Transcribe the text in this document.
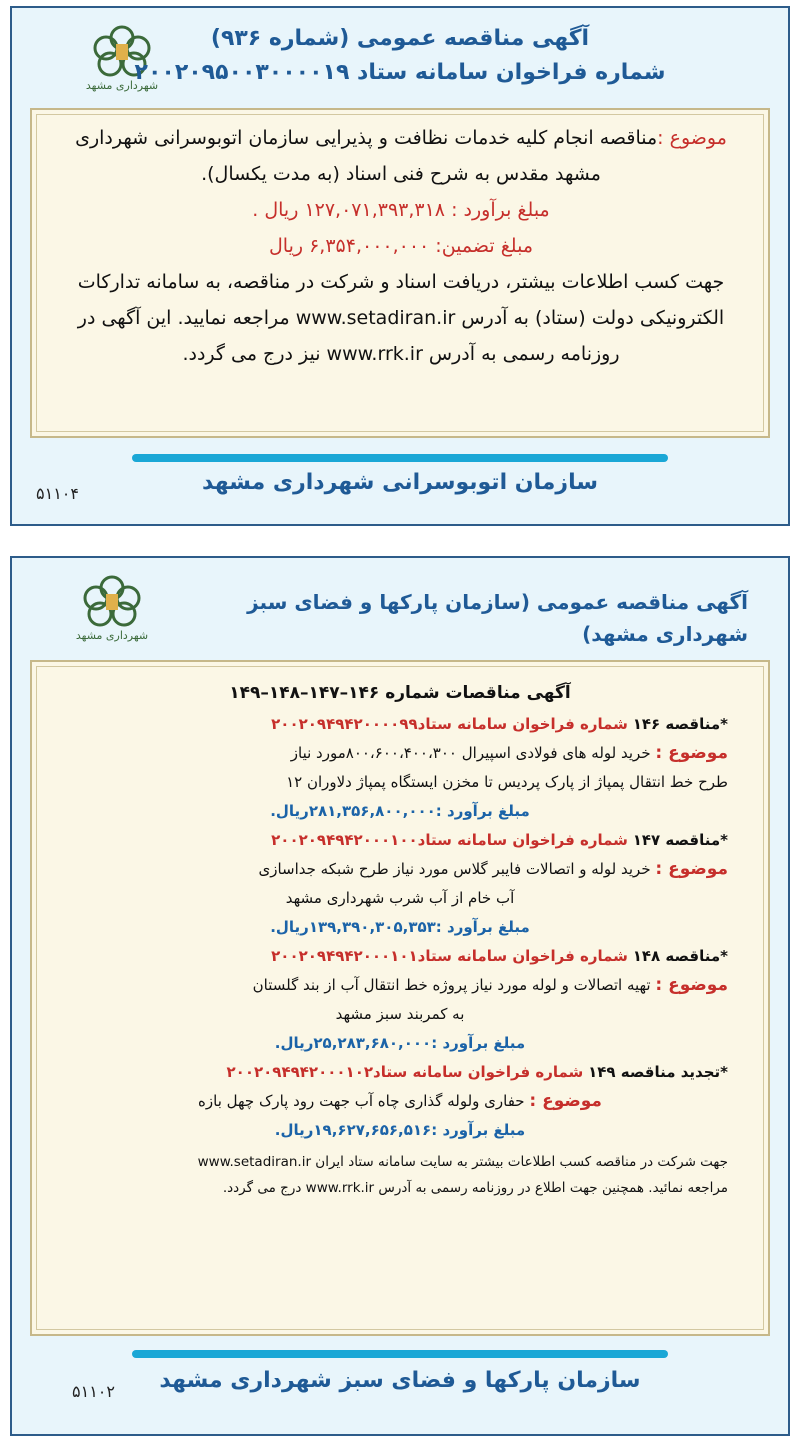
شهرداری مشهد
آگهی مناقصه عمومی (شماره ۹۳۶)
شماره فراخوان سامانه ستاد ۲۰۰۲۰۹۵۰۰۳۰۰۰۰۱۹
موضوع :مناقصه انجام کلیه خدمات نظافت و پذیرایی سازمان اتوبوسرانی شهرداری
مشهد مقدس به شرح فنی اسناد (به مدت یکسال).
مبلغ برآورد : ۱۲۷,۰۷۱,۳۹۳,۳۱۸ ریال .
مبلغ تضمین: ۶,۳۵۴,۰۰۰,۰۰۰ ریال
جهت کسب اطلاعات بیشتر، دریافت اسناد و شرکت در مناقصه، به سامانه تدارکات
الکترونیکی دولت (ستاد) به آدرس www.setadiran.ir مراجعه نمایید. این آگهی در
روزنامه رسمی به آدرس www.rrk.ir نیز درج می گردد.
سازمان اتوبوسرانی شهرداری مشهد
۵۱۱۰۴
شهرداری مشهد
آگهی مناقصه عمومی (سازمان پارکها و فضای سبز شهرداری مشهد)
آگهی مناقصات شماره ۱۴۶–۱۴۷–۱۴۸–۱۴۹
*مناقصه ۱۴۶ شماره فراخوان سامانه ستاد۲۰۰۲۰۹۴۹۴۲۰۰۰۰۹۹
موضوع : خرید لوله های فولادی اسپیرال ۸۰۰،۶۰۰،۴۰۰،۳۰۰مورد نیاز
طرح خط انتقال پمپاژ از پارک پردیس تا مخزن ایستگاه پمپاژ دلاوران ۱۲
مبلغ برآورد :۲۸۱,۳۵۶,۸۰۰,۰۰۰ریال.
*مناقصه ۱۴۷ شماره فراخوان سامانه ستاد۲۰۰۲۰۹۴۹۴۲۰۰۰۱۰۰
موضوع : خرید لوله و اتصالات فایبر گلاس مورد نیاز طرح شبکه جداسازی
آب خام از آب شرب شهرداری مشهد
مبلغ برآورد :۱۳۹,۳۹۰,۳۰۵,۳۵۳ریال.
*مناقصه ۱۴۸ شماره فراخوان سامانه ستاد۲۰۰۲۰۹۴۹۴۲۰۰۰۱۰۱
موضوع : تهیه اتصالات و لوله مورد نیاز پروژه خط انتقال آب از بند گلستان
به کمربند سبز مشهد
مبلغ برآورد :۲۵,۲۸۳,۶۸۰,۰۰۰ریال.
*تجدید مناقصه ۱۴۹ شماره فراخوان سامانه ستاد۲۰۰۲۰۹۴۹۴۲۰۰۰۱۰۲
موضوع : حفاری ولوله گذاری چاه آب جهت رود پارک چهل بازه
مبلغ برآورد :۱۹,۶۲۷,۶۵۶,۵۱۶ریال.
جهت شرکت در مناقصه کسب اطلاعات بیشتر به سایت سامانه ستاد ایران www.setadiran.ir
مراجعه نمائید. همچنین جهت اطلاع در روزنامه رسمی به آدرس www.rrk.ir درج می گردد.
سازمان پارکها و فضای سبز شهرداری مشهد
۵۱۱۰۲
